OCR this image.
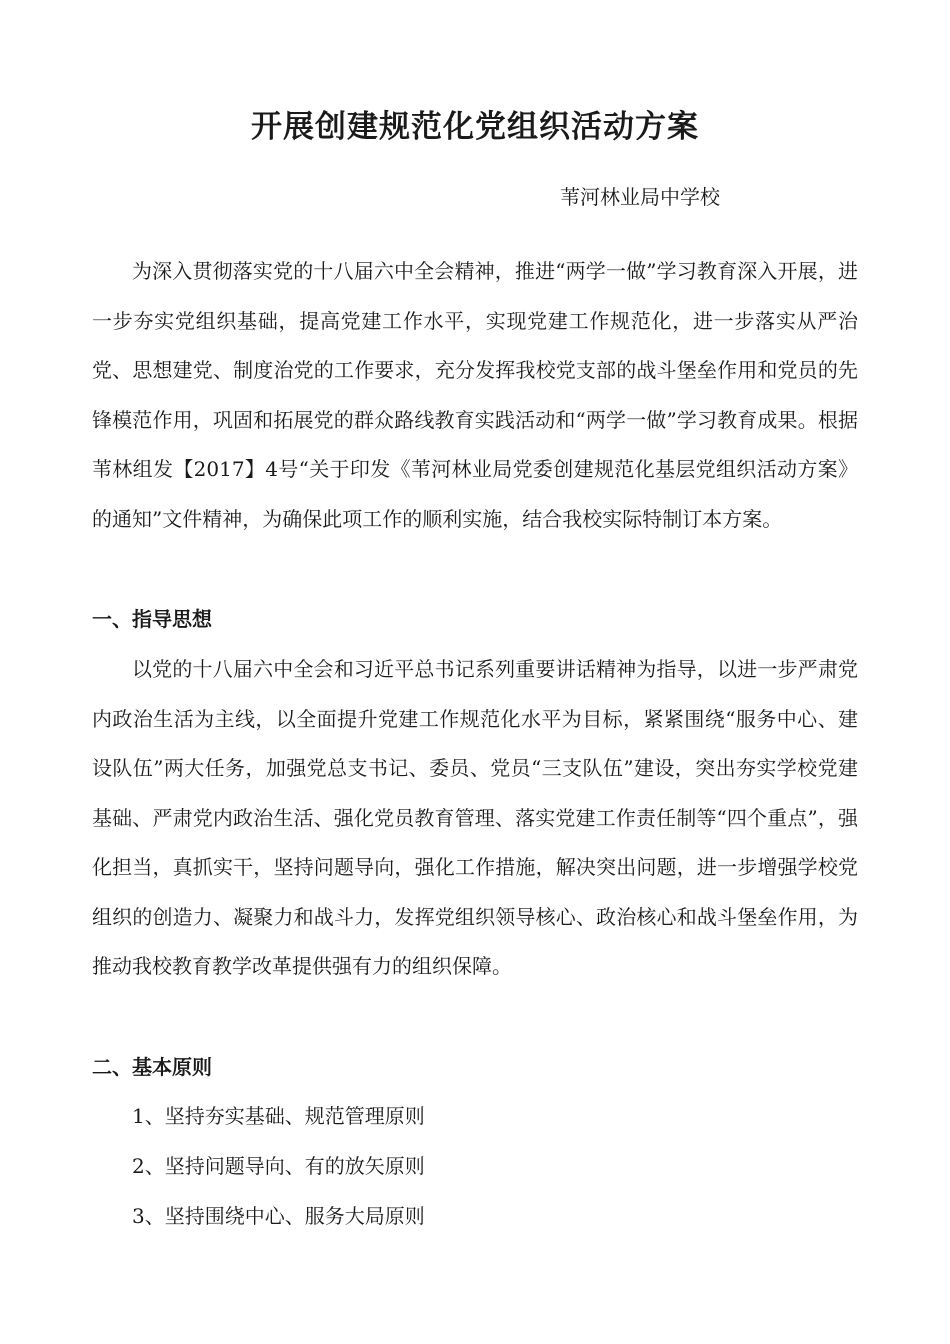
开展创建规范化党组织活动方案
苇河林业局中学校

为深入贯彻落实党的十八届六中全会精神，推进“两学一做”学习教育深入开展，进一步夯实党组织基础，提高党建工作水平，实现党建工作规范化，进一步落实从严治党、思想建党、制度治党的工作要求，充分发挥我校党支部的战斗堡垒作用和党员的先锋模范作用，巩固和拓展党的群众路线教育实践活动和“两学一做”学习教育成果。根据苇林组发【2017】4号“关于印发《苇河林业局党委创建规范化基层党组织活动方案》的通知”文件精神，为确保此项工作的顺利实施，结合我校实际特制订本方案。

一、指导思想

以党的十八届六中全会和习近平总书记系列重要讲话精神为指导，以进一步严肃党内政治生活为主线，以全面提升党建工作规范化水平为目标，紧紧围绕“服务中心、建设队伍”两大任务，加强党总支书记、委员、党员“三支队伍”建设，突出夯实学校党建基础、严肃党内政治生活、强化党员教育管理、落实党建工作责任制等“四个重点”，强化担当，真抓实干，坚持问题导向，强化工作措施，解决突出问题，进一步增强学校党组织的创造力、凝聚力和战斗力，发挥党组织领导核心、政治核心和战斗堡垒作用，为推动我校教育教学改革提供强有力的组织保障。

二、基本原则
1、坚持夯实基础、规范管理原则
2、坚持问题导向、有的放矢原则
3、坚持围绕中心、服务大局原则
